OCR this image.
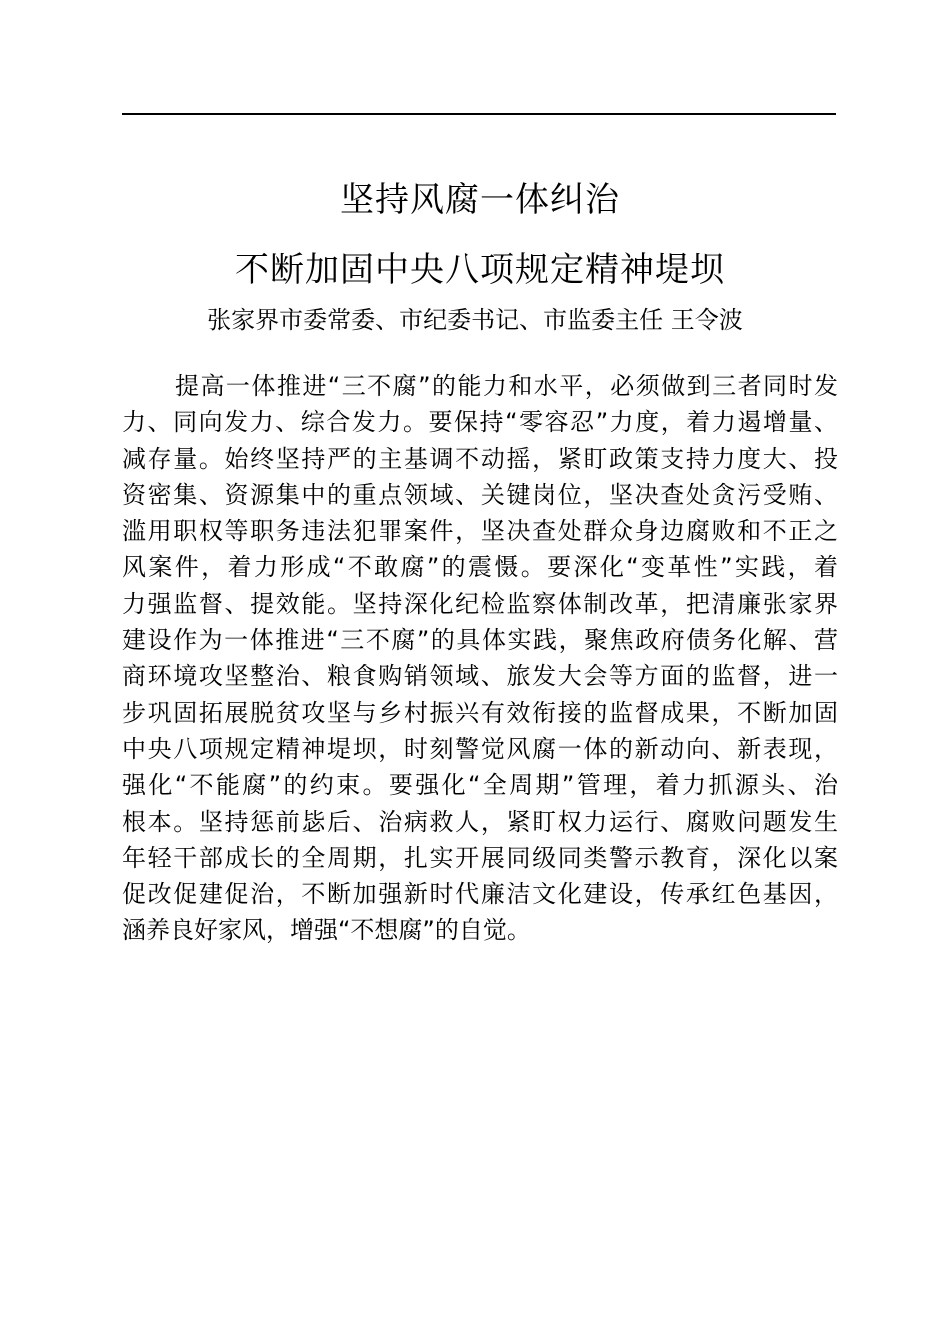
坚持风腐一体纠治
不断加固中央八项规定精神堤坝
张家界市委常委、市纪委书记、市监委主任 王令波
提高一体推进“三不腐”的能力和水平，必须做到三者同时发
力、同向发力、综合发力。要保持“零容忍”力度，着力遏增量、
减存量。始终坚持严的主基调不动摇，紧盯政策支持力度大、投
资密集、资源集中的重点领域、关键岗位，坚决查处贪污受贿、
滥用职权等职务违法犯罪案件，坚决查处群众身边腐败和不正之
风案件，着力形成“不敢腐”的震慑。要深化“变革性”实践，着
力强监督、提效能。坚持深化纪检监察体制改革，把清廉张家界
建设作为一体推进“三不腐”的具体实践，聚焦政府债务化解、营
商环境攻坚整治、粮食购销领域、旅发大会等方面的监督，进一
步巩固拓展脱贫攻坚与乡村振兴有效衔接的监督成果，不断加固
中央八项规定精神堤坝，时刻警觉风腐一体的新动向、新表现，
强化“不能腐”的约束。要强化“全周期”管理，着力抓源头、治
根本。坚持惩前毖后、治病救人，紧盯权力运行、腐败问题发生
年轻干部成长的全周期，扎实开展同级同类警示教育，深化以案
促改促建促治，不断加强新时代廉洁文化建设，传承红色基因，
涵养良好家风，增强“不想腐”的自觉。
